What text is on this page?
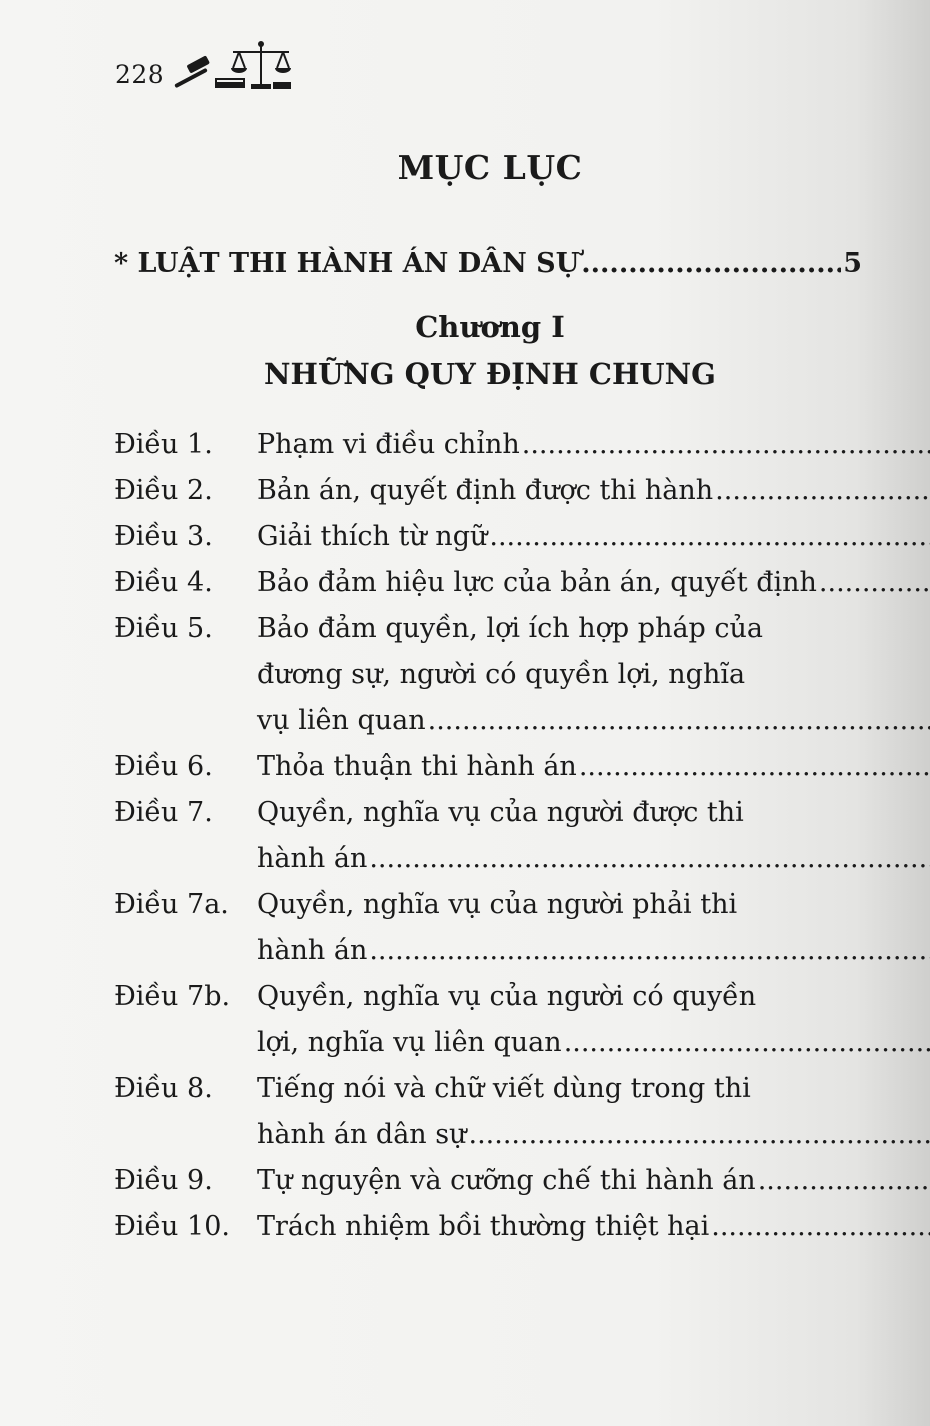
228
MỤC LỤC
* LUẬT THI HÀNH ÁN DÂN SỰ
.....	5
Chương I
NHỮNG QUY ĐỊNH CHUNG
Điều 1.	Phạm vi điều chỉnh
.....
Điều 2.	Bản án, quyết định được thi hành
.....
Điều 3.	Giải thích từ ngữ
.....
Điều 4.	Bảo đảm hiệu lực của bản án, quyết định
.....
Điều 5.	Bảo đảm quyền, lợi ích hợp pháp của
đương sự, người có quyền lợi, nghĩa
vụ liên quan
.....
Điều 6.	Thỏa thuận thi hành án
.....
Điều 7.	Quyền, nghĩa vụ của người được thi
hành án
.....
Điều 7a.	Quyền, nghĩa vụ của người phải thi
hành án
.....
Điều 7b. Quyền, nghĩa vụ của người có quyền
lợi, nghĩa vụ liên quan
.....
Điều 8.	Tiếng nói và chữ viết dùng trong thi
hành án dân sự
.....
Điều 9.	Tự nguyện và cưỡng chế thi hành án
.....
Điều 10.	Trách nhiệm bồi thường thiệt hại
.....
